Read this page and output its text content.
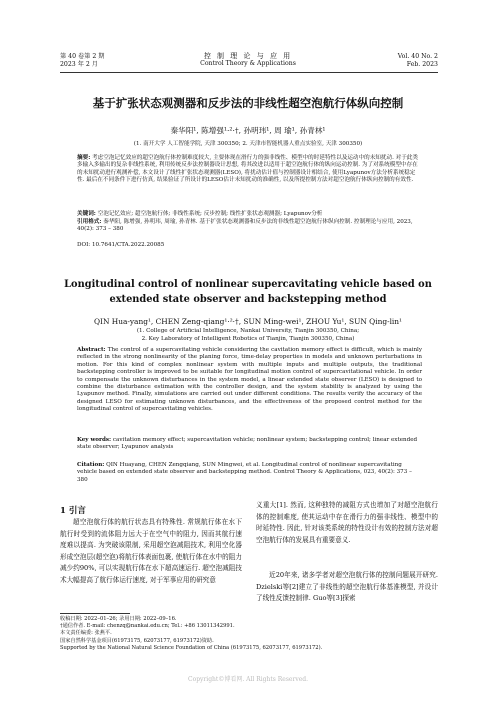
第 40 卷第 2 期
2023 年 2 月
控 制 理 论 与 应 用
Control Theory & Applications
Vol. 40 No. 2
Feb. 2023
基于扩张状态观测器和反步法的非线性超空泡航行体纵向控制
秦华阳¹, 陈增强¹·²·†, 孙明玮¹, 周 瑜¹, 孙青林¹
(1. 南开大学 人工智能学院, 天津 300350; 2. 天津市智能机器人重点实验室, 天津 300350)
摘要: 考虑空泡记忆效应的超空泡航行体控制难度较大, 主要体现在滑行力的强非线性、模型中的时延特性以及运动中的未知扰动. 对于此类多输入多输出的复杂非线性系统, 利用传统反步法控制器设计思想, 将其改进以适用于超空泡航行体的纵向运动控制. 为了对系统模型中存在的未知扰动进行观测补偿, 本文设计了线性扩张状态观测器(LESO), 将扰动估计值与控制器设计相结合, 使用Lyapunov方法分析系统稳定性. 最后在不同条件下进行仿真, 结果验证了所设计的LESO估计未知扰动的准确性, 以及所提控制方法对超空泡航行体纵向控制的有效性.
关键词: 空泡记忆效应; 超空泡航行体; 非线性系统; 反步控制; 线性扩张状态观测器; Lyapunov分析
引用格式: 秦华阳, 陈增强, 孙明玮, 周瑜, 孙青林. 基于扩张状态观测器和反步法的非线性超空泡航行体纵向控制. 控制理论与应用, 2023, 40(2): 373 – 380
DOI: 10.7641/CTA.2022.20085
Longitudinal control of nonlinear supercavitating vehicle based on
extended state observer and backstepping method
QIN Hua-yang¹, CHEN Zeng-qiang¹·²·†, SUN Ming-wei¹, ZHOU Yu¹, SUN Qing-lin¹
(1. College of Artificial Intelligence, Nankai University, Tianjin 300350, China;
2. Key Laboratory of Intelligent Robotics of Tianjin, Tianjin 300350, China)
Abstract: The control of a supercavitating vehicle considering the cavitation memory effect is difficult, which is mainly reflected in the strong nonlinearity of the planing force, time-delay properties in models and unknown perturbations in motion. For this kind of complex nonlinear system with multiple inputs and multiple outputs, the traditional backstepping controller is improved to be suitable for longitudinal motion control of supercavitational vehicle. In order to compensate the unknown disturbances in the system model, a linear extended state observer (LESO) is designed to combine the disturbance estimation with the controller design, and the system stability is analyzed by using the Lyapunov method. Finally, simulations are carried out under different conditions. The results verify the accuracy of the designed LESO for estimating unknown disturbances, and the effectiveness of the proposed control method for the longitudinal control of supercavitating vehicles.
Key words: cavitation memory effect; supercavitation vehicle; nonlinear system; backstepping control; linear extended state observer; Lyapunov analysis
Citation: QIN Huayang, CHEN Zengqiang, SUN Mingwei, et al. Longitudinal control of nonlinear supercavitating vehicle based on extended state observer and backstepping method. Control Theory & Applications, 023, 40(2): 373 – 380
1 引言
超空泡航行体的航行状态具有特殊性. 常规航行体在水下航行时受到的流体阻力远大于在空气中的阻力, 因而其航行速度难以提高. 为突破该限制, 采用超空泡减阻技术, 利用空化器形成空泡层(超空泡)将航行体表面包裹, 使航行体在水中的阻力减少约90%, 可以实现航行体在水下超高速运行. 超空泡减阻技术大幅提高了航行体运行速度, 对于军事应用的研究意
义重大[1]. 然而, 这种独特的减阻方式也增加了对超空泡航行体的控制难度, 使其运动中存在滑行力的强非线性、模型中的时延特性. 因此, 针对该类系统的特性设计有效的控制方法对超空泡航行体的发展具有重要意义.
近20年来, 诸多学者对超空泡航行体的控制问题展开研究. Dzielski等[2]建立了非线性的超空泡航行体基准模型, 并设计了线性反馈控制律. Guo等[3]探索
收稿日期: 2022–01–26; 录用日期: 2022–09–16.
†通信作者. E-mail: chenzq@nankai.edu.cn; Tel.: +86 13011342991.
本文责任编委: 张燕平.
国家自然科学基金项目(61973175, 62073177, 61973172)资助.
Supported by the National Natural Science Foundation of China (61973175, 62073177, 61973172).
Copyright©博看网. All Rights Reserved.
